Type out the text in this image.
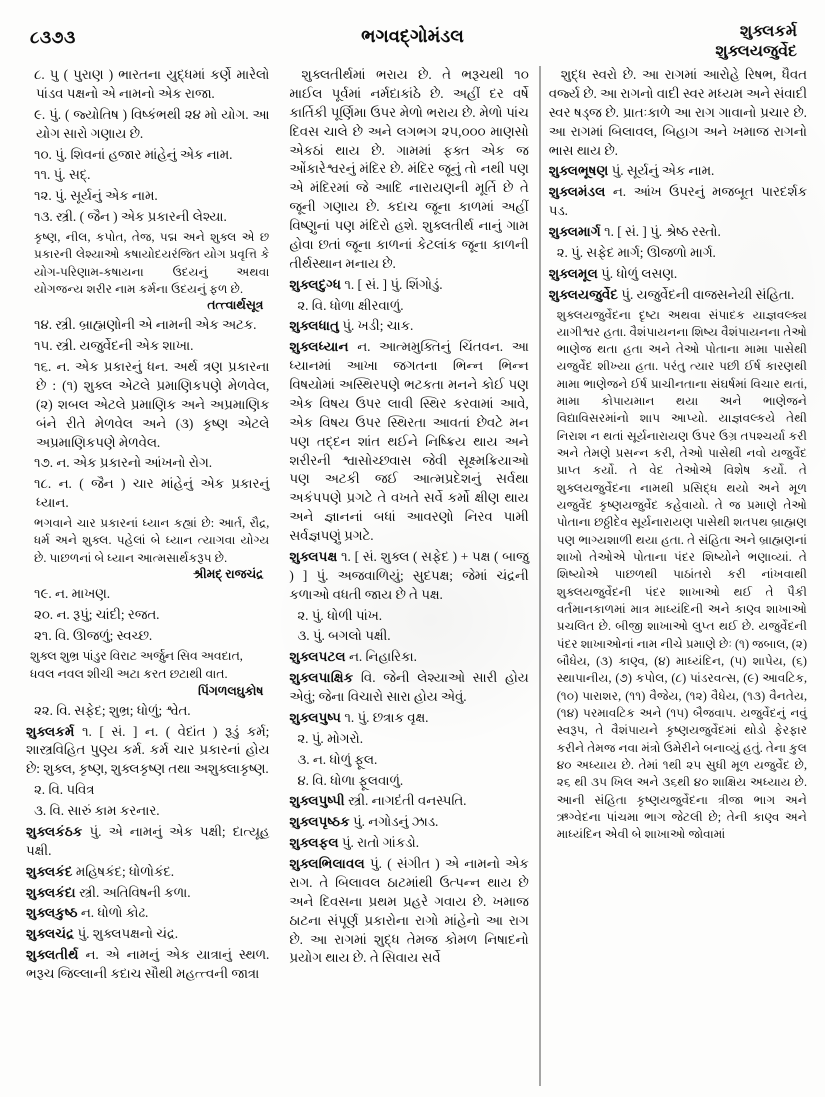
૮૩૭૩	ભગવદ્ગોમંડલ	શુક્લકર્મ
શુક્લયજુર્વેદ
૮. પુ ( પુરાણ ) ભારતના યુદ્ધમાં કર્ણે મારેલો પાંડવ પક્ષનો એ નામનો એક રાજા.
૯. પું. ( જ્યોતિષ ) વિષ્કંભથી ૨૪ મો યોગ. આ યોગ સારો ગણાય છે.
૧૦. પું. શિવનાં હજાર માંહેનું એક નામ.
૧૧. પું. સદ્.
૧૨. પું. સૂર્યનું એક નામ.
૧૩. સ્ત્રી. ( જૈન ) એક પ્રકારની લેશ્યા.
કૃષ્ણ, નીલ, કપોત, તેજ, પદ્મ અને શુક્લ એ છ પ્રકારની લેશ્યાઓ કષાયોદયરંજિત યોગ પ્રવૃત્તિ કે યોગ-પરિણામ-કષાયના ઉદયનું અથવા યોગજન્ય શરીર નામ કર્મના ઉદયનું ફળ છે.
તત્ત્વાર્થસૂત્ર
૧૪. સ્ત્રી. બ્રાહ્મણોની એ નામની એક અટક.
૧૫. સ્ત્રી. યજુર્વેદની એક શાખા.
૧૬. ન. એક પ્રકારનું ધન. અર્થ ત્રણ પ્રકારના છે : (૧) શુક્લ એટલે પ્રમાણિકપણે મેળવેલ, (૨) શબલ એટલે પ્રમાણિક અને અપ્રમાણિક બંને રીતે મેળવેલ અને (૩) કૃષ્ણ એટલે અપ્રમાણિકપણે મેળવેલ.
૧૭. ન. એક પ્રકારનો આંખનો રોગ.
૧૮. ન. ( જૈન ) ચાર માંહેનું એક પ્રકારનું ધ્યાન.
ભગવાને ચાર પ્રકારનાં ધ્યાન કહ્યાં છે: આર્ત, રૌદ્ર, ધર્મ અને શુક્લ. પહેલાં બે ધ્યાન ત્યાગવા યોગ્ય છે. પાછળનાં બે ધ્યાન આત્મસાર્થકરૂપ છે.
શ્રીમદ્ રાજચંદ્ર
૧૯. ન. માખણ.
૨૦. ન. રૂપું; ચાંદી; રજત.
૨૧. વિ. ઊજળું; સ્વચ્છ.
શુક્લ શુભ્ર પાંડુર વિરાટ અર્જુન સિવ અવદાત, ધવલ નવલ શીચી અટા કરત છટાથી વાત.
પિંગળલઘુકોષ
૨૨. વિ. સફેદ; શુભ્ર; ધોળું; શ્વેત.
શુક્લકર્મ ૧. [ સં. ] ન. ( વેદાંત ) રૂડું કર્મ; શાસ્ત્રવિહિત પુણ્ય કર્મ. કર્મ ચાર પ્રકારનાં હોય છે: શુક્લ, કૃષ્ણ, શુક્લકૃષ્ણ તથા અશુક્લાકૃષ્ણ.
૨. વિ. પવિત્ર
૩. વિ. સારું કામ કરનાર.
શુક્લકંઠક પું. એ નામનું એક પક્ષી; દાત્યૂહ પક્ષી.
શુક્લકંદ મહિષકંદ; ધોળોકંદ.
શુક્લકંદા સ્ત્રી. અતિવિષની કળા.
શુક્લકુષ્ઠ ન. ધોળો કોઢ.
શુક્લચંદ્ર પું. શુક્લપક્ષનો ચંદ્ર.
શુક્લતીર્થ ન. એ નામનું એક યાત્રાનું સ્થળ. ભરૂચ જિલ્લાની કદાચ સૌથી મહત્ત્વની જાત્રા
શુક્લતીર્થમાં ભરાય છે. તે ભરૂચથી ૧૦ માઈલ પૂર્વમાં નર્મદાકાંઠે છે. અહીં દર વર્ષે કાર્તિકી પૂર્ણિમા ઉપર મેળો ભરાય છે. મેળો પાંચ દિવસ ચાલે છે અને લગભગ ૨૫,૦૦૦ માણસો એકઠાં થાય છે. ગામમાં ફક્ત એક જ ઓંકારેશ્વરનું મંદિર છે. મંદિર જૂનું તો નથી પણ એ મંદિરમાં જે આદિ નારાયણની મૂર્તિ છે તે જૂની ગણાય છે. કદાચ જૂના કાળમાં અહીં વિષ્ણુનાં પણ મંદિરો હશે. શુક્લતીર્થ નાનું ગામ હોવા છતાં જૂના કાળનાં કેટલાંક જૂના કાળની તીર્થસ્થાન મનાય છે.
શુક્લદુગ્ધ ૧. [ સં. ] પું. શિંગોડું.
૨. વિ. ધોળા ક્ષીરવાળું.
શુક્લધાતુ પું. ખડી; ચાક.
શુક્લધ્યાન ન. આત્મમુક્તિનું ચિંતવન. આ ધ્યાનમાં આખા જગતના ભિન્ન ભિન્ન વિષયોમાં અસ્થિરપણે ભટકતા મનને કોઈ પણ એક વિષય ઉપર લાવી સ્થિર કરવામાં આવે, એક વિષય ઉપર સ્થિરતા આવતાં છેવટે મન પણ તદ્દન શાંત થઈને નિષ્ક્રિય થાય અને શરીરની શ્વાસોચ્છ્વાસ જેવી સૂક્ષ્મક્રિયાઓ પણ અટકી જઈ આત્મપ્રદેશનું સર્વથા અકંપપણે પ્રગટે તે વખતે સર્વે કર્મો ક્ષીણ થાય અને જ્ઞાનનાં બધાં આવરણો નિરવ પામી સર્વજ્ઞપણું પ્રગટે.
શુક્લપક્ષ ૧. [ સં. શુક્લ ( સફેદ ) + પક્ષ ( બાજુ ) ] પું. અજવાળિયું; સુદપક્ષ; જેમાં ચંદ્રની કળાઓ વધતી જાય છે તે પક્ષ.
૨. પું. ધોળી પાંખ.
૩. પું. બગલો પક્ષી.
શુક્લપટલ ન. નિહારિકા.
શુક્લપાક્ષિક વિ. જેની લેશ્યાઓ સારી હોય એવું; જેના વિચારો સારા હોય એવું.
શુક્લપુષ્પ ૧. પું. છત્રાક વૃક્ષ.
૨. પું. મોગરો.
૩. ન. ધોળું ફૂલ.
૪. વિ. ધોળા ફૂલવાળું.
શુક્લપુષ્પી સ્ત્રી. નાગદંતી વનસ્પતિ.
શુક્લપૃષ્ઠક પું. નગોડનું ઝાડ.
શુક્લફલ પું. રાતો ગાંકડો.
શુક્લભિલાવલ પું. ( સંગીત ) એ નામનો એક રાગ. તે બિલાવલ ઠાટમાંથી ઉત્પન્ન થાય છે અને દિવસના પ્રથમ પ્રહરે ગવાય છે. ખમાજ ઠાટના સંપૂર્ણ પ્રકારોના રાગો માંહેનો આ રાગ છે. આ રાગમાં શુદ્ધ તેમજ કોમળ નિષાદનો પ્રયોગ થાય છે. તે સિવાય સર્વે
શુદ્ધ સ્વરો છે. આ રાગમાં આરોહે રિષભ, ધૈવત વર્જ્ય છે. આ રાગનો વાદી સ્વર મધ્યમ અને સંવાદી સ્વર ષડ્જ છે. પ્રાતઃકાળે આ રાગ ગાવાનો પ્રચાર છે. આ રાગમાં બિલાવલ, બિહાગ અને ખમાજ રાગનો ભાસ થાય છે.
શુક્લભૂષણ પું. સૂર્યનું એક નામ.
શુક્લમંડલ ન. આંખ ઉપરનું મજબૂત પારદર્શક પડ.
શુક્લમાર્ગ ૧. [ સં. ] પું. શ્રેષ્ઠ રસ્તો.
૨. પું. સફેદ માર્ગ; ઊજળો માર્ગ.
શુક્લમૂલ પું. ધોળું લસણ.
શુક્લયજુર્વેદ પું. યજુર્વેદની વાજસનેયી સંહિતા.
શુક્લયજુર્વેદના દૃષ્ટા અથવા સંપાદક યાજ્ઞવલ્ક્ય યાગીશ્વર હતા. વૈશંપાયનના શિષ્ય વૈશંપાયનના તેઓ ભાણેજ થતા હતા અને તેઓ પોતાના મામા પાસેથી યજુર્વેદ શીખ્યા હતા. પરંતુ ત્યાર પછી ઈર્ષ કારણથી મામા ભાણેજને ઈર્ષ પ્રાચીનતાના સંઘર્ષમાં વિચાર થતાં, મામા કોપાયમાન થયા અને ભાણેજને વિદ્યાવિસરમાંનો શાપ આપ્યો. યાજ્ઞવલ્કયે તેથી નિરાશ ન થતાં સૂર્યનારાયણ ઉપર ઉગ્ર તપશ્ચર્યા કરી અને તેમણે પ્રસન્ન કરી, તેઓ પાસેથી નવો યજુર્વેદ પ્રાપ્ત કર્યો. તે વેદ તેઓએ વિશેષ કર્યો. તે શુક્લયજુર્વેદના નામથી પ્રસિદ્ધ થયો અને મૂળ યજુર્વેદ કૃષ્ણયજુર્વેદ કહેવાયો. તે જ પ્રમાણે તેઓ પોતાના છઠ્ઠીદેવ સૂર્યનારાયણ પાસેથી શતપથ બ્રાહ્મણ પણ ભાગ્યશાળી થયા હતા. તે સંહિતા અને બ્રાહ્મણનાં શાખો તેઓએ પોતાના પંદર શિષ્યોને ભણાવ્યાં. તે શિષ્યોએ પાછળથી પાઠાંતરો કરી નાંખવાથી શુક્લયજુર્વેદની પંદર શાખાઓ થઈ તે પૈકી વર્તમાનકાળમાં માત્ર માધ્યંદિની અને કાણ્વ શાખાઓ પ્રચલિત છે. બીજી શાખાઓ લુપ્ત થઈ છે. યજુર્વેદની પંદર શાખાઓનાં નામ નીચે પ્રમાણે છેઃ (૧) જબાલ, (૨) બૌધેય, (૩) કાણ્વ, (૪) માધ્યંદિન, (૫) શાપેય, (૬) સ્થાપાનીય, (૭) કપોલ, (૮) પાંડરવત્સ, (૯) આવટિક, (૧૦) પારાશર, (૧૧) વૈજેય, (૧૨) વૈધેય, (૧૩) વૈનતેય, (૧૪) પરમાવટિક અને (૧૫) બૈજવાપ. યજુર્વેદનું નવું સ્વરૂપ, તે વૈશંપાયને કૃષ્ણયજુર્વેદમાં થોડો ફેરફાર કરીને તેમજ નવા મંત્રો ઉમેરીને બનાવ્યું હતું. તેના કુલ ૪૦ અધ્યાય છે. તેમાં ૧થી ૨૫ સુધી મૂળ યજુર્વેદ છે, ૨૬ થી ૩૫ ખિલ અને ૩૬થી ૪૦ શાક્ષિય અધ્યાય છે. આની સંહિતા કૃષ્ણયજુર્વેદના ત્રીજા ભાગ અને ઋગ્વેદના પાંચમા ભાગ જેટલી છે; તેની કાણ્વ અને માધ્યંદિન એવી બે શાખાઓ જોવામાં
